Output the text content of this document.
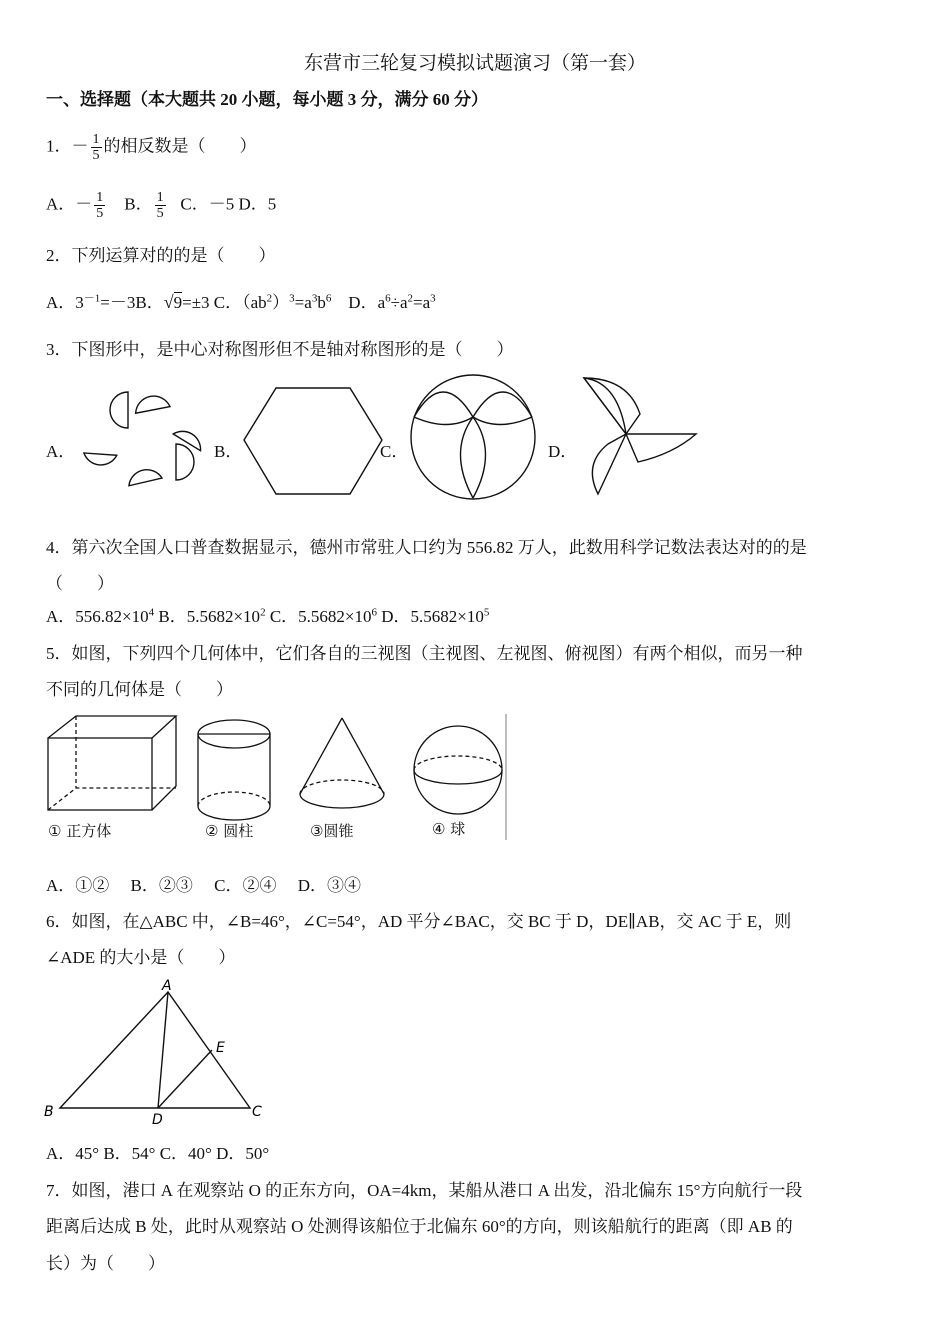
东营市三轮复习模拟试题演习（第一套）
一、选择题（本大题共 20 小题，每小题 3 分，满分 60 分）
1．－ $\frac{1}{5}$ 的相反数是（　　）
A．－ $\frac{1}{5}$ B． $\frac{1}{5}$ C．－5 D．5
2．下列运算对的的是（　　）
A．$3^{-1}=-3B$．√9=±3 C．$(ab^2)^3=a^3b^6$　D．$a^6\div a^2=a^3$
3．下图形中，是中心对称图形但不是轴对称图形的是（　　）
A．	B．	C．	D．
4．第六次全国人口普查数据显示，德州市常驻人口约为 556.82 万人，此数用科学记数法表达对的的是
（　　）
A．$556.82\times 10^4$ B．$5.5682\times 10^2$ C．$5.5682\times 10^6$ D．$5.5682\times 10^5$
5．如图，下列四个几何体中，它们各自的三视图（主视图、左视图、俯视图）有两个相似，而另一种
不同的几何体是（　　）
① 正方体	② 圆柱	③圆锥	④ 球
A．①②　 B．②③　 C．②④　 D．③④
6．如图，在△ABC 中，∠B=46°，∠C=54°，AD 平分∠BAC，交 BC 于 D，DE∥AB，交 AC 于 E，则
∠ADE 的大小是（　　）
A
B	C
D
E
A．45° B．54° C．40° D．50°
7．如图，港口 A 在观察站 O 的正东方向，OA=4km，某船从港口 A 出发，沿北偏东 15°方向航行一段
距离后达成 B 处，此时从观察站 O 处测得该船位于北偏东 60°的方向，则该船航行的距离（即 AB 的
长）为（　　）
